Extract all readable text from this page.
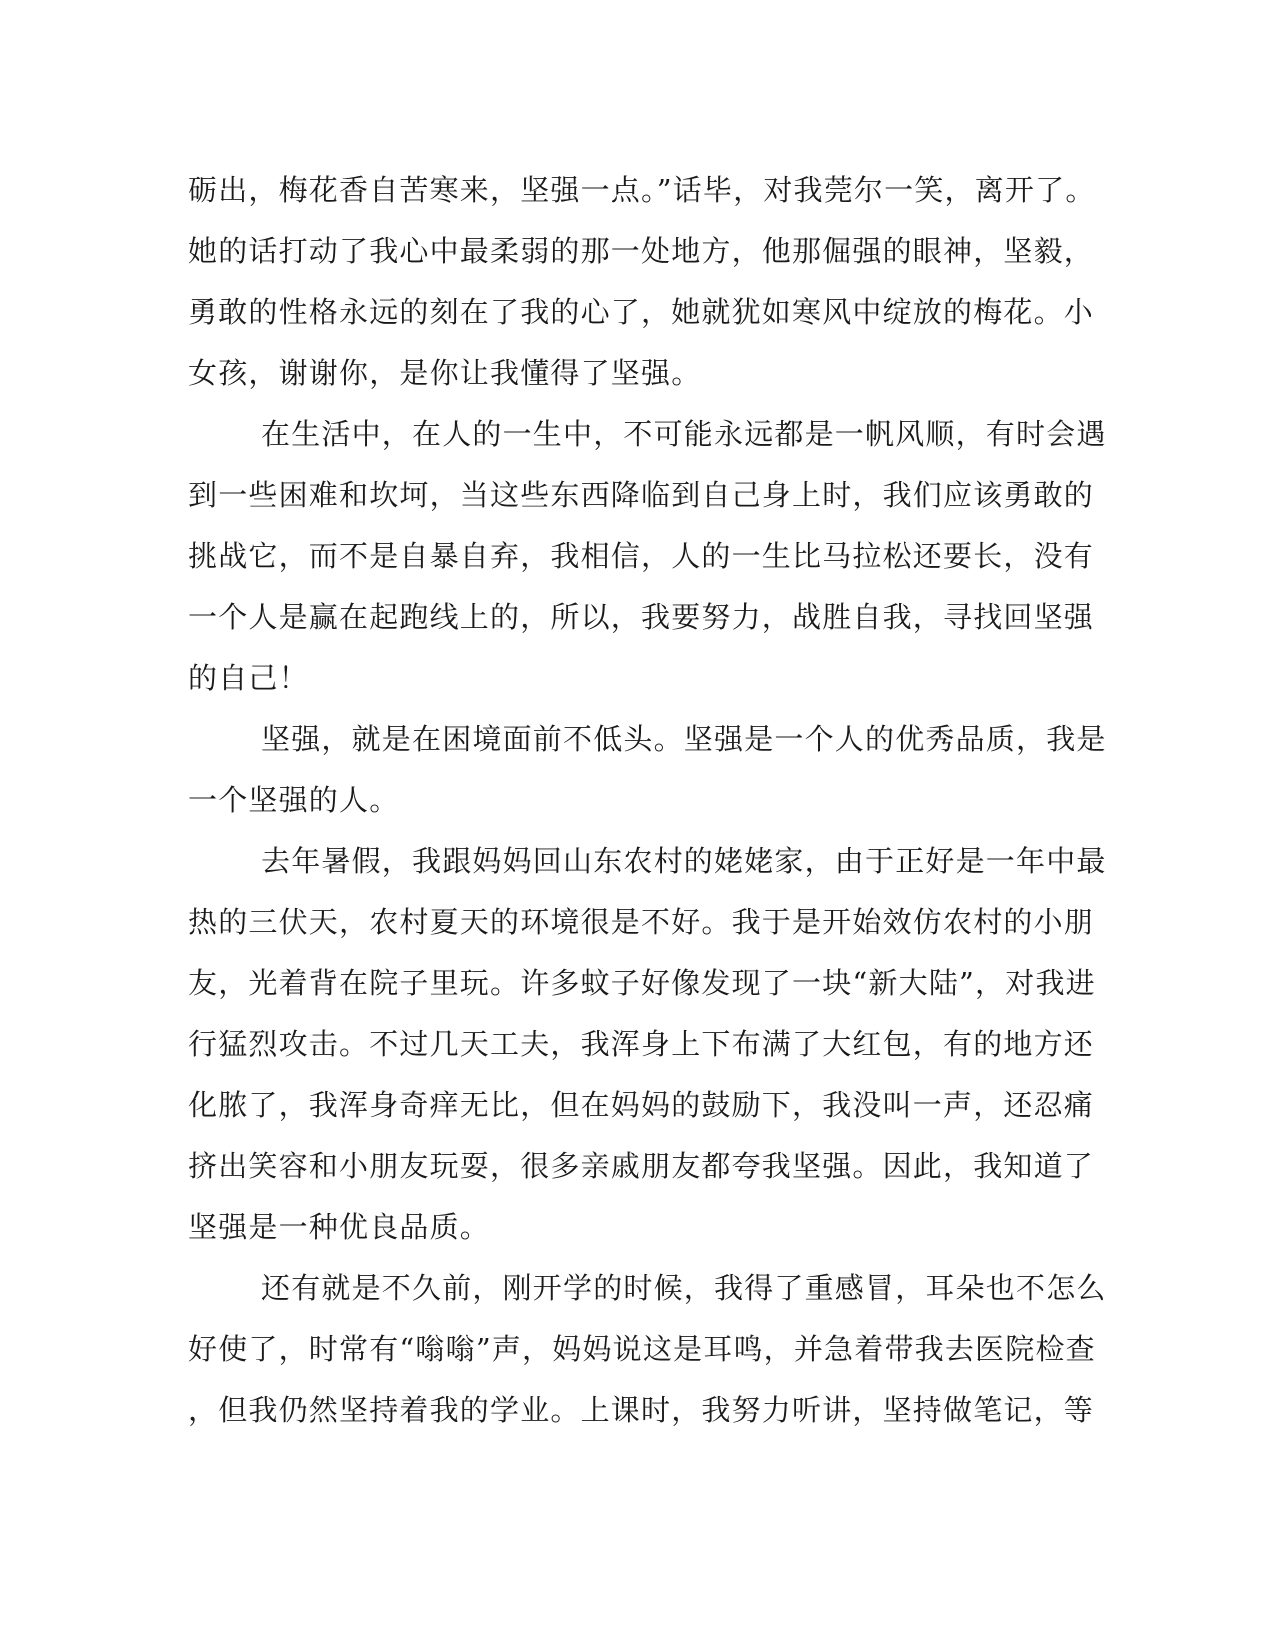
砺出，梅花香自苦寒来，坚强一点。”话毕，对我莞尔一笑，离开了。
她的话打动了我心中最柔弱的那一处地方，他那倔强的眼神，坚毅，
勇敢的性格永远的刻在了我的心了，她就犹如寒风中绽放的梅花。小
女孩，谢谢你，是你让我懂得了坚强。
在生活中，在人的一生中，不可能永远都是一帆风顺，有时会遇
到一些困难和坎坷，当这些东西降临到自己身上时，我们应该勇敢的
挑战它，而不是自暴自弃，我相信，人的一生比马拉松还要长，没有
一个人是赢在起跑线上的，所以，我要努力，战胜自我，寻找回坚强
的自己！
坚强，就是在困境面前不低头。坚强是一个人的优秀品质，我是
一个坚强的人。
去年暑假，我跟妈妈回山东农村的姥姥家，由于正好是一年中最
热的三伏天，农村夏天的环境很是不好。我于是开始效仿农村的小朋
友，光着背在院子里玩。许多蚊子好像发现了一块“新大陆”，对我进
行猛烈攻击。不过几天工夫，我浑身上下布满了大红包，有的地方还
化脓了，我浑身奇痒无比，但在妈妈的鼓励下，我没叫一声，还忍痛
挤出笑容和小朋友玩耍，很多亲戚朋友都夸我坚强。因此，我知道了
坚强是一种优良品质。
还有就是不久前，刚开学的时候，我得了重感冒，耳朵也不怎么
好使了，时常有“嗡嗡”声，妈妈说这是耳鸣，并急着带我去医院检查
，但我仍然坚持着我的学业。上课时，我努力听讲，坚持做笔记，等
